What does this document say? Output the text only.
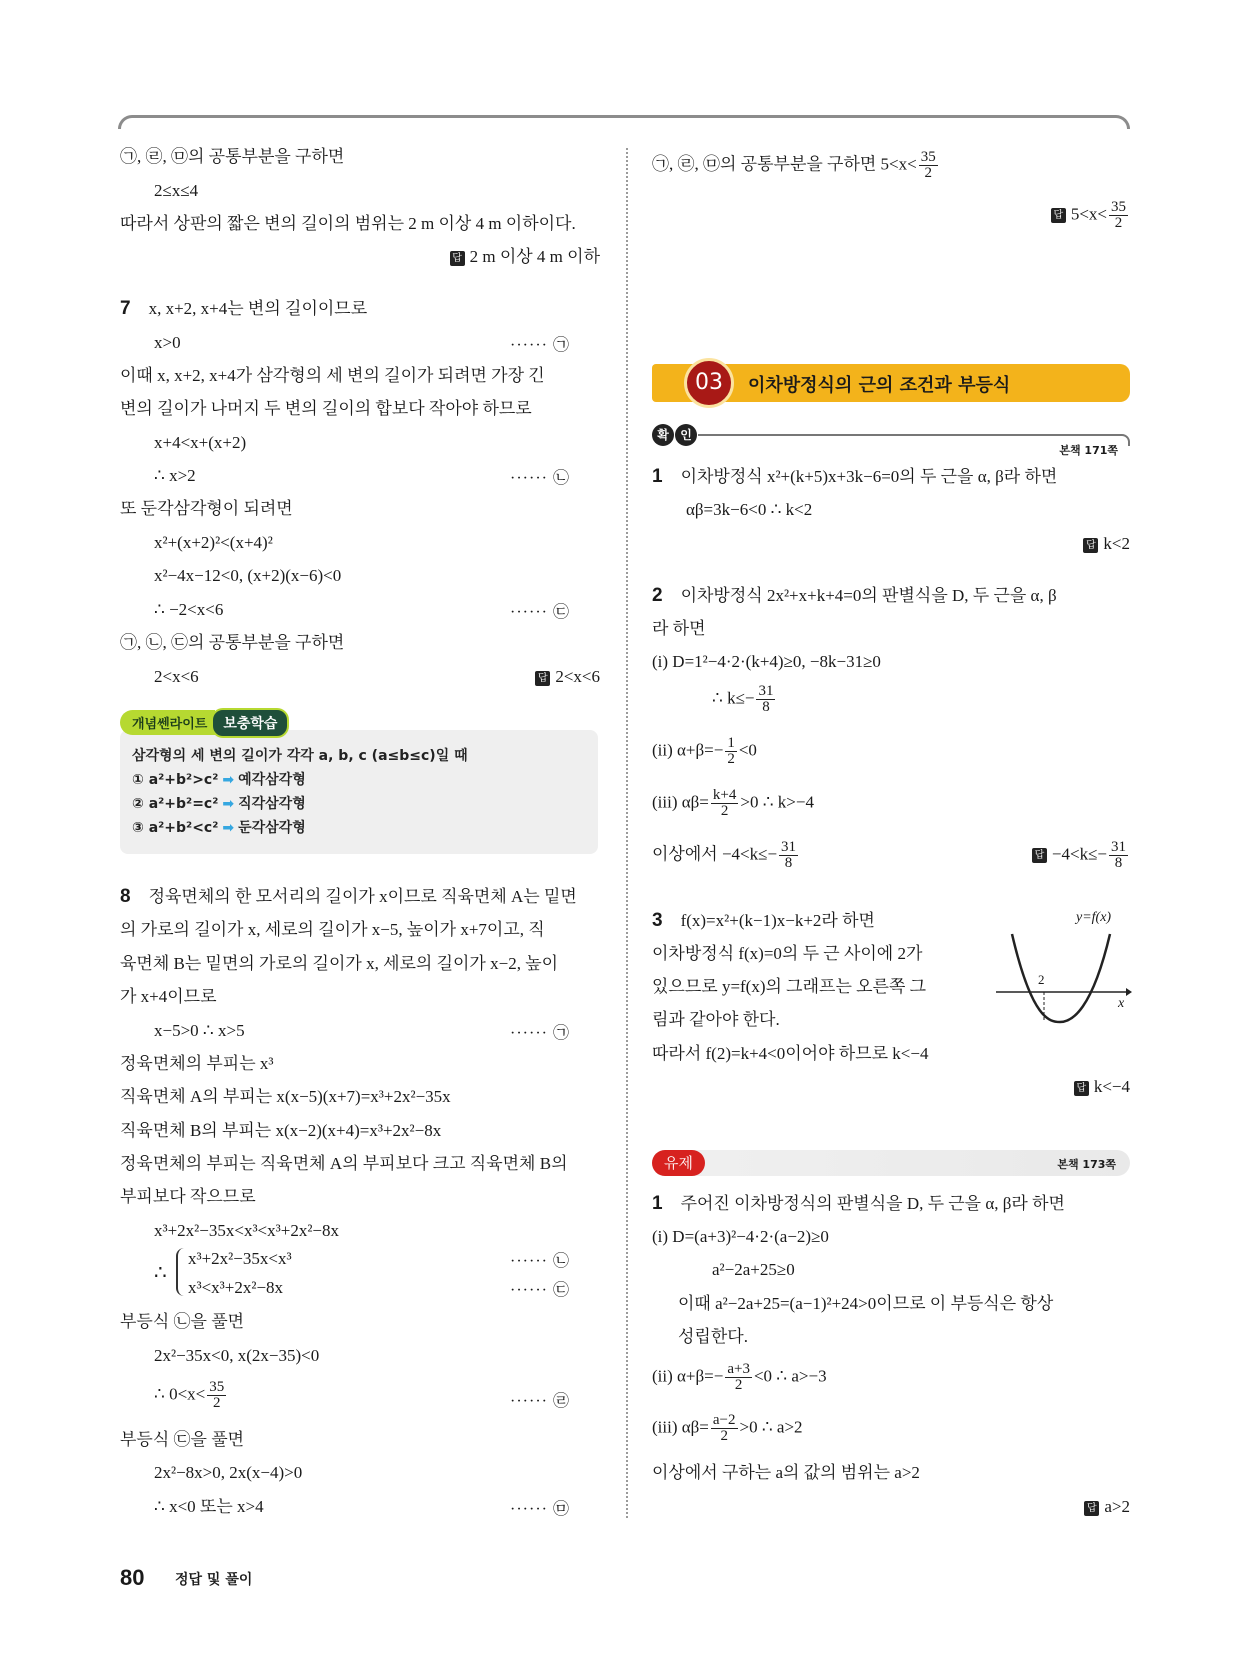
㉠, ㉣, ㉤의 공통부분을 구하면
2≤x≤4
따라서 상판의 짧은 변의 길이의 범위는 2 m 이상 4 m 이하이다.
답 2 m 이상 4 m 이하
7 x, x+2, x+4는 변의 길이이므로
x>0	······ ㉠
이때 x, x+2, x+4가 삼각형의 세 변의 길이가 되려면 가장 긴
변의 길이가 나머지 두 변의 길이의 합보다 작아야 하므로
x+4<x+(x+2)
∴ x>2	······ ㉡
또 둔각삼각형이 되려면
x²+(x+2)²<(x+4)²
x²−4x−12<0, (x+2)(x−6)<0
∴ −2<x<6	······ ㉢
㉠, ㉡, ㉢의 공통부분을 구하면
2<x<6	답 2<x<6
개념쎈라이트 보충학습
삼각형의 세 변의 길이가 각각 a, b, c (a≤b≤c)일 때
① a²+b²>c² ➡ 예각삼각형
② a²+b²=c² ➡ 직각삼각형
③ a²+b²<c² ➡ 둔각삼각형
8 정육면체의 한 모서리의 길이가 x이므로 직육면체 A는 밑면
의 가로의 길이가 x, 세로의 길이가 x−5, 높이가 x+7이고, 직
육면체 B는 밑면의 가로의 길이가 x, 세로의 길이가 x−2, 높이
가 x+4이므로
x−5>0 ∴ x>5	······ ㉠
정육면체의 부피는 x³
직육면체 A의 부피는 x(x−5)(x+7)=x³+2x²−35x
직육면체 B의 부피는 x(x−2)(x+4)=x³+2x²−8x
정육면체의 부피는 직육면체 A의 부피보다 크고 직육면체 B의
부피보다 작으므로
x³+2x²−35x<x³<x³+2x²−8x
∴
x³+2x²−35x<x³	······ ㉡
x³<x³+2x²−8x	······ ㉢
부등식 ㉡을 풀면
2x²−35x<0, x(2x−35)<0
∴ $0<x< \frac{35}{2}$	······ ㉣
부등식 ㉢을 풀면
2x²−8x>0, 2x(x−4)>0
∴ x<0 또는 x>4	······ ㉤
㉠, ㉣, ㉤의 공통부분을 구하면 $5<x< \frac{35}{2}$
답 $5<x< \frac{35}{2}$
03	이차방정식의 근의 조건과 부등식
확 인
본책 171쪽
1 이차방정식 x²+(k+5)x+3k−6=0의 두 근을 α, β라 하면
αβ=3k−6<0 ∴ k<2
답 k<2
2 이차방정식 2x²+x+k+4=0의 판별식을 D, 두 근을 α, β
라 하면
(i) D=1²−4·2·(k+4)≥0, −8k−31≥0
∴ $k\le- \frac{31}{8}$
(ii) $\alpha+\beta=- \frac{1}{2} <0$
(iii) $\alpha\beta= \frac{k+4}{2} >0$ ∴ k>−4
이상에서 $-4<k\le- \frac{31}{8}$	답 $-4<k\le- \frac{31}{8}$
3 f(x)=x²+(k−1)x−k+2라 하면
이차방정식 f(x)=0의 두 근 사이에 2가
있으므로 y=f(x)의 그래프는 오른쪽 그
림과 같아야 한다.
따라서 f(2)=k+4<0이어야 하므로 k<−4
답 k<−4
y=f(x)
2
x
유제	본책 173쪽
1 주어진 이차방정식의 판별식을 D, 두 근을 α, β라 하면
(i) D=(a+3)²−4·2·(a−2)≥0
a²−2a+25≥0
이때 a²−2a+25=(a−1)²+24>0이므로 이 부등식은 항상
성립한다.
(ii) $\alpha+\beta=- \frac{a+3}{2} <0$ ∴ a>−3
(iii) $\alpha\beta= \frac{a-2}{2} >0$ ∴ a>2
이상에서 구하는 a의 값의 범위는 a>2
답 a>2
80 정답 및 풀이
